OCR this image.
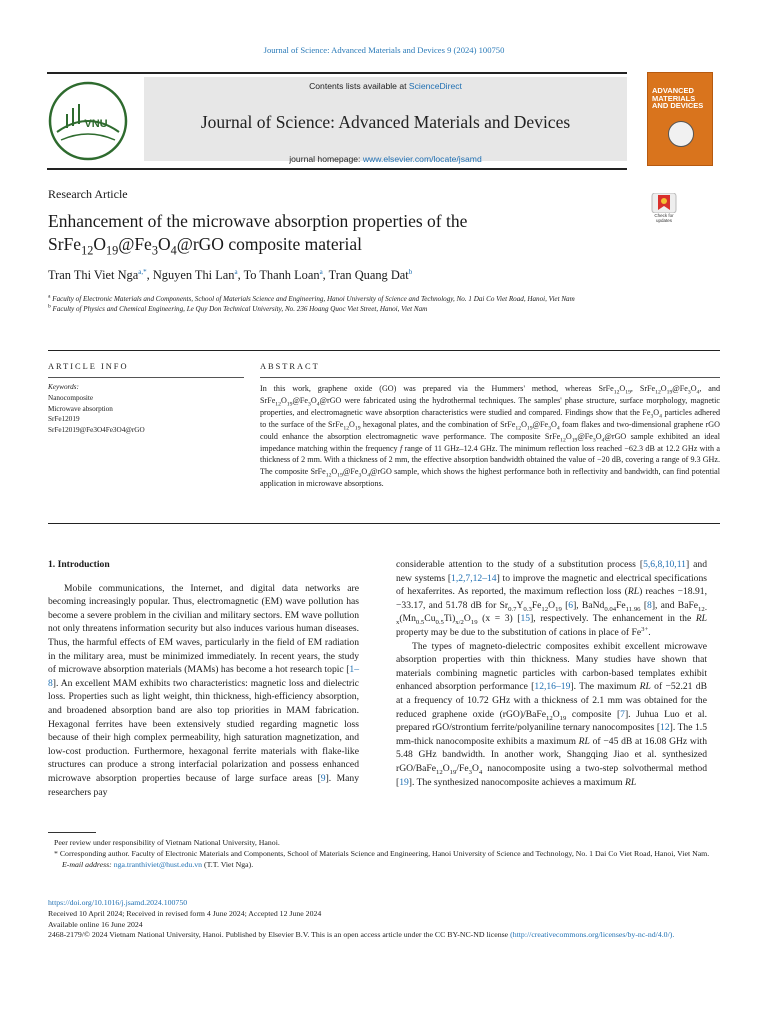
Journal of Science: Advanced Materials and Devices 9 (2024) 100750
VNU
Contents lists available at ScienceDirect
Journal of Science: Advanced Materials and Devices
journal homepage: www.elsevier.com/locate/jsamd
ADVANCED MATERIALS AND DEVICES
Research Article
Enhancement of the microwave absorption properties of the
$SrFe_{12}O_{19}@Fe_3O_4@rGO$ composite material
Check for updates
Tran Thi Viet Nga$^{a,*}$, Nguyen Thi Lan$^a$, To Thanh Loan$^a$, Tran Quang Dat$^b$
$^a$ Faculty of Electronic Materials and Components, School of Materials Science and Engineering, Hanoi University of Science and Technology, No. 1 Dai Co Viet Road, Hanoi, Viet Nam
$^b$ Faculty of Physics and Chemical Engineering, Le Quy Don Technical University, No. 236 Hoang Quoc Viet Street, Hanoi, Viet Nam
ARTICLE INFO	ABSTRACT
Keywords:
Nanocomposite
Microwave absorption
SrFe12019
SrFe12019@Fe3O4Fe3O4@rGO
In this work, graphene oxide (GO) was prepared via the Hummers' method, whereas $SrFe_{12}O_{19}$, $SrFe_{12}O_{19}@Fe_3O_4$, and $SrFe_{12}O_{19}@Fe_3O_4@rGO$ were fabricated using the hydrothermal techniques. The samples' phase structure, surface morphology, magnetic properties, and electromagnetic wave absorption characteristics were studied and compared. Findings show that the $Fe_3O_4$ particles adhered to the surface of the $SrFe_{12}O_{19}$ hexagonal plates, and the combination of $SrFe_{12}O_{19}@Fe_3O_4$ foam flakes and two-dimensional graphene rGO could enhance the absorption electromagnetic wave performance. The composite $SrFe_{12}O_{19}@Fe_3O_4@rGO$ sample exhibited an ideal impedance matching within the frequency f range of 11 GHz–12.4 GHz. The minimum reflection loss reached −62.3 dB at 12.2 GHz with a thickness of 2 mm. With a thickness of 2 mm, the effective absorption bandwidth obtained the value of −20 dB, covering a range of 9.3 GHz. The composite $SrFe_{12}O_{19}@Fe_3O_4@rGO$ sample, which shows the highest performance both in reflectivity and bandwidth, can find potential application in microwave absorptions.
1. Introduction
Mobile communications, the Internet, and digital data networks are becoming increasingly popular. Thus, electromagnetic (EM) wave pollution has become a severe problem in the civilian and military sectors. EM wave pollution not only threatens information security but also induces various human diseases. Thus, the harmful effects of EM waves, particularly in the field of EM radiation in the military area, must be minimized immediately. In recent years, the study of microwave absorption materials (MAMs) has become a hot research topic [1–8]. An excellent MAM exhibits two characteristics: magnetic loss and dielectric loss. Properties such as light weight, thin thickness, high-efficiency absorption, and broadened absorption band are also top priorities in MAM fabrication. Hexagonal ferrites have been extensively studied regarding magnetic loss because of their high complex permeability, high saturation magnetization, and low-cost production. Furthermore, hexagonal ferrite materials with flake-like structures can produce a strong interfacial polarization and possess enhanced microwave absorption properties because of large surface areas [9]. Many researchers pay
considerable attention to the study of a substitution process [5,6,8,10,11] and new systems [1,2,7,12–14] to improve the magnetic and electrical specifications of hexaferrites. As reported, the maximum reflection loss (RL) reaches −18.91, −33.17, and 51.78 dB for $Sr_{0.7}Y_{0.3}Fe_{12}O_{19}$ [6], $BaNd_{0.04}Fe_{11.96}$ [8], and $BaFe_{12-x}(Mn_{0.5}Cu_{0.5}Ti)_{x/2}O_{19}$ (x = 3) [15], respectively. The enhancement in the RL property may be due to the substitution of cations in place of $Fe^{3+}$.
The types of magneto-dielectric composites exhibit excellent microwave absorption properties with thin thickness. Many studies have shown that materials combining magnetic particles with carbon-based templates exhibit enhanced absorption performance [12,16–19]. The maximum RL of −52.21 dB at a frequency of 10.72 GHz with a thickness of 2.1 mm was obtained for the reduced graphene oxide $(rGO)/BaFe_{12}O_{19}$ composite [7]. Juhua Luo et al. prepared rGO/strontium ferrite/polyaniline ternary nanocomposites [12]. The 1.5 mm-thick nanocomposite exhibits a maximum RL of −45 dB at 16.08 GHz with 5.48 GHz bandwidth. In another work, Shangqing Jiao et al. synthesized rGO/$BaFe_{12}O_{19}/Fe_3O_4$ nanocomposite using a two-step solvothermal method [19]. The synthesized nanocomposite achieves a maximum RL
Peer review under responsibility of Vietnam National University, Hanoi.
* Corresponding author. Faculty of Electronic Materials and Components, School of Materials Science and Engineering, Hanoi University of Science and Technology, No. 1 Dai Co Viet Road, Hanoi, Viet Nam.
E-mail address: nga.tranthiviet@hust.edu.vn (T.T. Viet Nga).
https://doi.org/10.1016/j.jsamd.2024.100750
Received 10 April 2024; Received in revised form 4 June 2024; Accepted 12 June 2024
Available online 16 June 2024
2468-2179/© 2024 Vietnam National University, Hanoi. Published by Elsevier B.V. This is an open access article under the CC BY-NC-ND license (http://creativecommons.org/licenses/by-nc-nd/4.0/).
